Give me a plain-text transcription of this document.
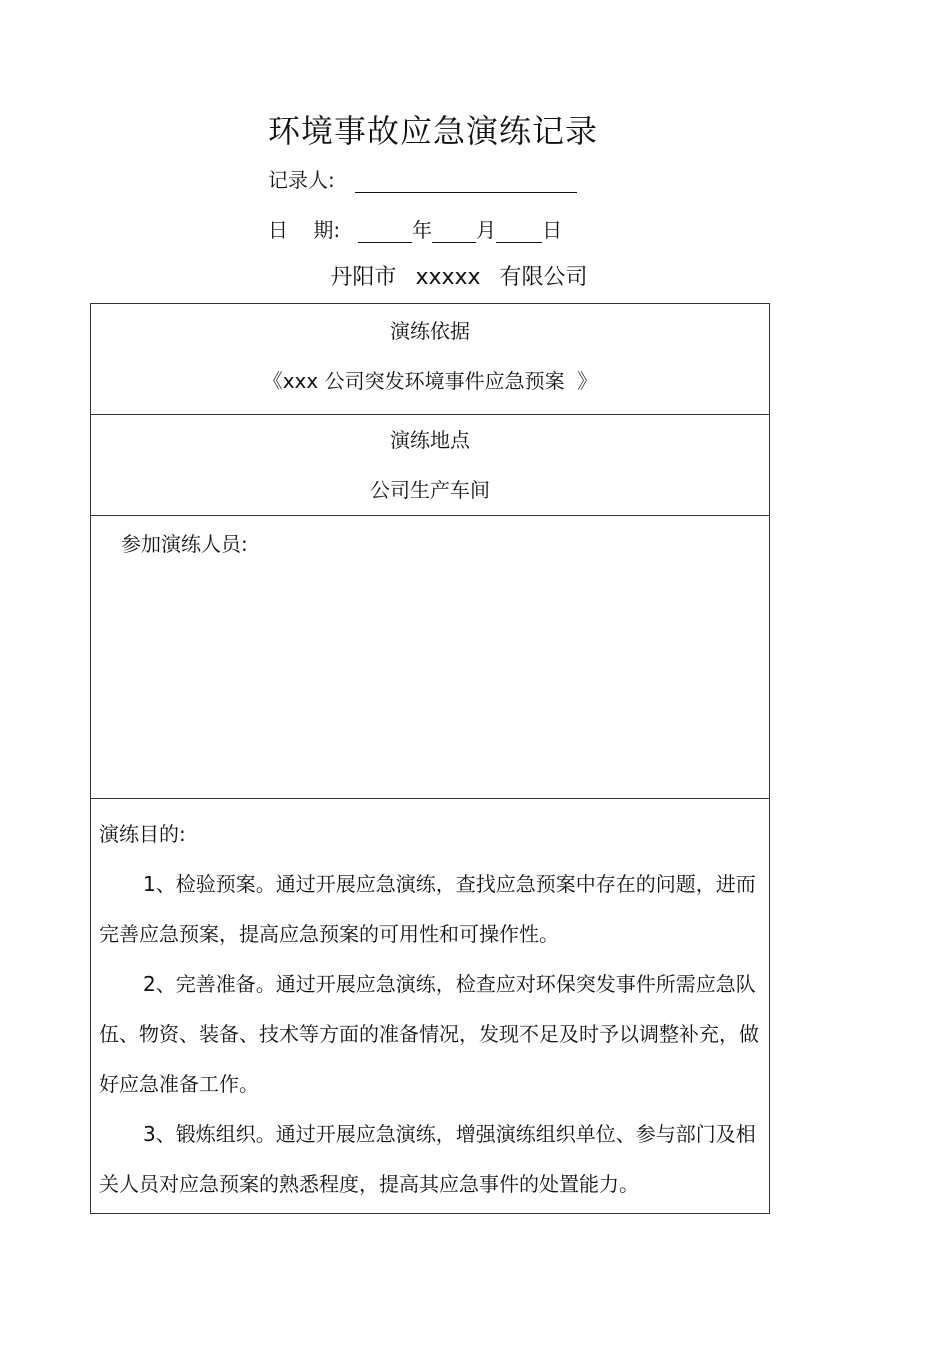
环境事故应急演练记录
记录人:
日    期:	年 月 日
丹阳市 xxxxx 有限公司
演练依据
《xxx 公司突发环境事件应急预案  》

演练地点
公司生产车间

参加演练人员:

演练目的:

1、检验预案。通过开展应急演练，查找应急预案中存在的问题，进而完善应急预案，提高应急预案的可用性和可操作性。

2、完善准备。通过开展应急演练，检查应对环保突发事件所需应急队伍、物资、装备、技术等方面的准备情况，发现不足及时予以调整补充，做好应急准备工作。

3、锻炼组织。通过开展应急演练，增强演练组织单位、参与部门及相关人员对应急预案的熟悉程度，提高其应急事件的处置能力。
